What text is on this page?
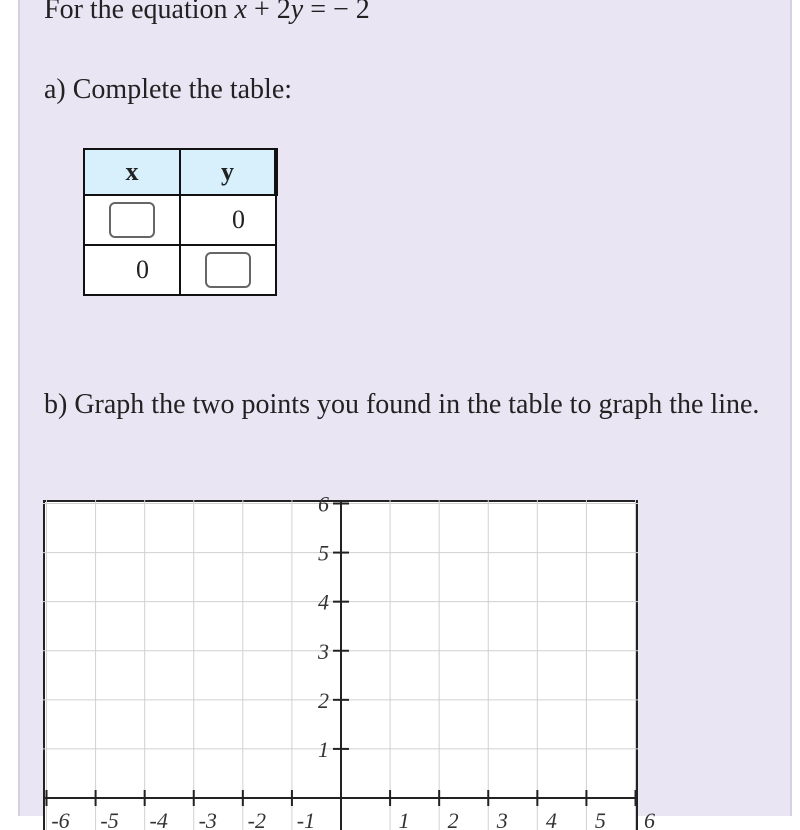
For the equation x + 2y = − 2
a) Complete the table:
x	y
	0
0	
b) Graph the two points you found in the table to graph the line.
6
5
4
3
2
1
-6 -5 -4 -3 -2 -1	1 2 3 4 5 6
